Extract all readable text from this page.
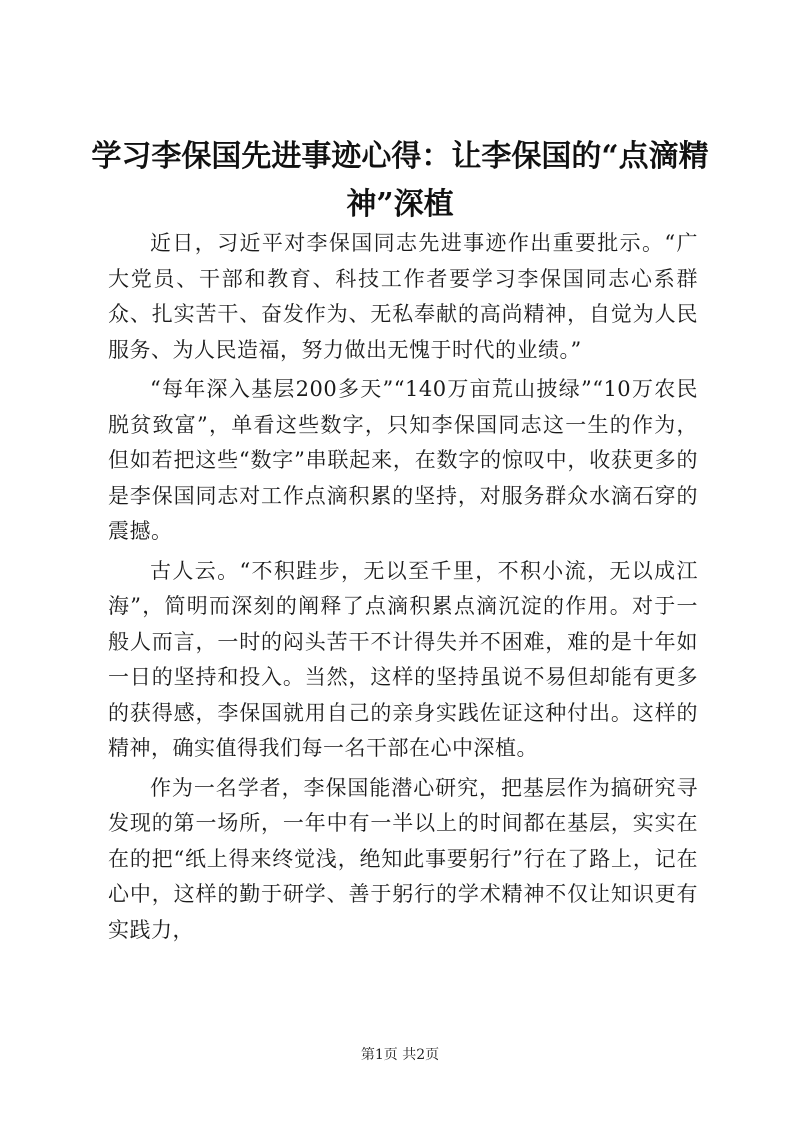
学习李保国先进事迹心得：让李保国的“点滴精神”深植

近日，习近平对李保国同志先进事迹作出重要批示。“广大党员、干部和教育、科技工作者要学习李保国同志心系群众、扎实苦干、奋发作为、无私奉献的高尚精神，自觉为人民服务、为人民造福，努力做出无愧于时代的业绩。”

“每年深入基层200多天”“140万亩荒山披绿”“10万农民脱贫致富”，单看这些数字，只知李保国同志这一生的作为，但如若把这些“数字”串联起来，在数字的惊叹中，收获更多的是李保国同志对工作点滴积累的坚持，对服务群众水滴石穿的震撼。

古人云。“不积跬步，无以至千里，不积小流，无以成江海”，简明而深刻的阐释了点滴积累点滴沉淀的作用。对于一般人而言，一时的闷头苦干不计得失并不困难，难的是十年如一日的坚持和投入。当然，这样的坚持虽说不易但却能有更多的获得感，李保国就用自己的亲身实践佐证这种付出。这样的精神，确实值得我们每一名干部在心中深植。

作为一名学者，李保国能潜心研究，把基层作为搞研究寻发现的第一场所，一年中有一半以上的时间都在基层，实实在在的把“纸上得来终觉浅，绝知此事要躬行”行在了路上，记在心中，这样的勤于研学、善于躬行的学术精神不仅让知识更有实践力，

第1页 共2页
